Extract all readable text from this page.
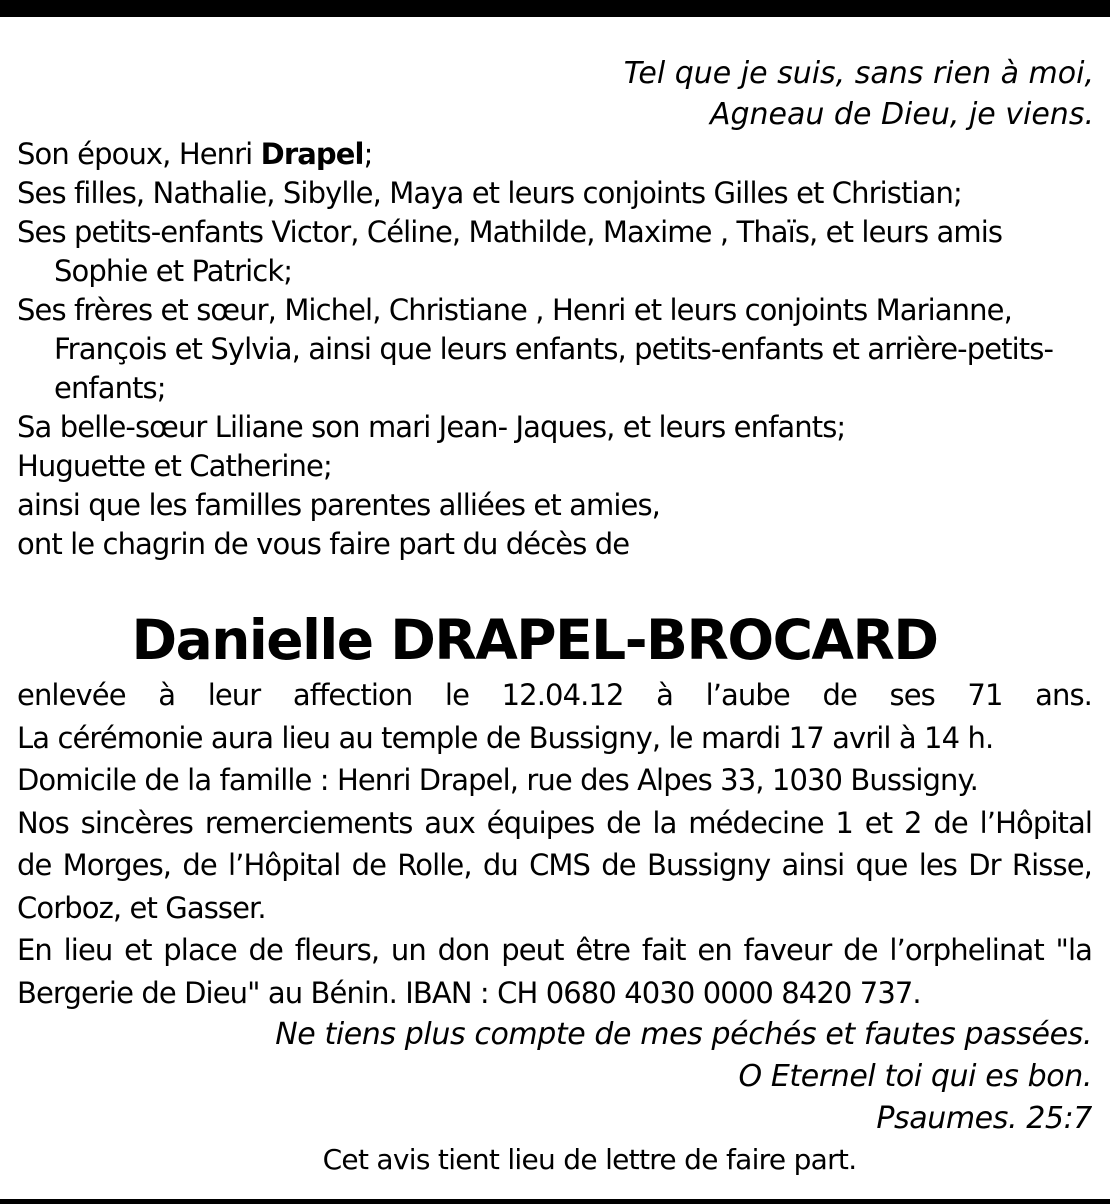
Tel que je suis, sans rien à moi,
Agneau de Dieu, je viens.

Son époux, Henri Drapel;

Ses filles, Nathalie, Sibylle, Maya et leurs conjoints Gilles et Christian;

Ses petits-enfants Victor, Céline, Mathilde, Maxime , Thaïs, et leurs amis Sophie et Patrick;

Ses frères et sœur, Michel, Christiane , Henri et leurs conjoints Marianne, François et Sylvia, ainsi que leurs enfants, petits-enfants et arrière-petits-enfants;

Sa belle-sœur Liliane son mari Jean- Jaques, et leurs enfants;

Huguette et Catherine;

ainsi que les familles parentes alliées et amies,

ont le chagrin de vous faire part du décès de

Danielle DRAPEL-BROCARD

enlevée à leur affection le 12.04.12 à l’aube de ses 71 ans.

La cérémonie aura lieu au temple de Bussigny, le mardi 17 avril à 14 h.

Domicile de la famille : Henri Drapel, rue des Alpes 33, 1030 Bussigny.

Nos sincères remerciements aux équipes de la médecine 1 et 2 de l’Hôpital de Morges, de l’Hôpital de Rolle, du CMS de Bussigny ainsi que les Dr Risse, Corboz, et Gasser.

En lieu et place de fleurs, un don peut être fait en faveur de l’orphelinat "la Bergerie de Dieu" au Bénin. IBAN : CH 0680 4030 0000 8420 737.

Ne tiens plus compte de mes péchés et fautes passées.
O Eternel toi qui es bon.
Psaumes. 25:7
Cet avis tient lieu de lettre de faire part.
